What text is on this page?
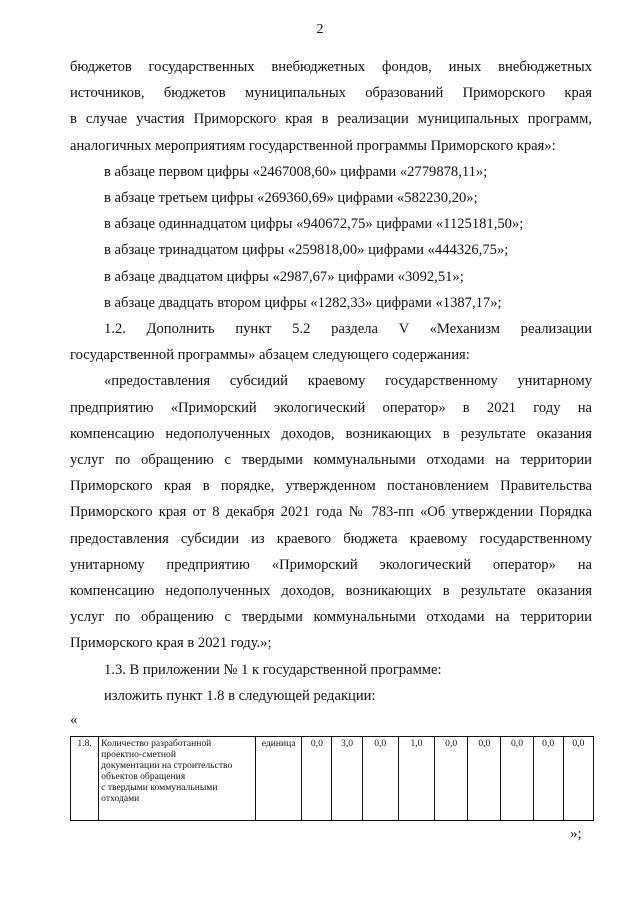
2
бюджетов государственных внебюджетных фондов, иных внебюджетных
источников, бюджетов муниципальных образований Приморского края
в случае участия Приморского края в реализации муниципальных программ,
аналогичных мероприятиям государственной программы Приморского края»:
в абзаце первом цифры «2467008,60» цифрами «2779878,11»;
в абзаце третьем цифры «269360,69» цифрами «582230,20»;
в абзаце одиннадцатом цифры «940672,75» цифрами «1125181,50»;
в абзаце тринадцатом цифры «259818,00» цифрами «444326,75»;
в абзаце двадцатом цифры «2987,67» цифрами «3092,51»;
в абзаце двадцать втором цифры «1282,33» цифрами «1387,17»;
1.2. Дополнить пункт 5.2 раздела V «Механизм реализации
государственной программы» абзацем следующего содержания:
«предоставления субсидий краевому государственному унитарному
предприятию «Приморский экологический оператор» в 2021 году на
компенсацию недополученных доходов, возникающих в результате оказания
услуг по обращению с твердыми коммунальными отходами на территории
Приморского края в порядке, утвержденном постановлением Правительства
Приморского края от 8 декабря 2021 года № 783-пп «Об утверждении Порядка
предоставления субсидии из краевого бюджета краевому государственному
унитарному предприятию «Приморский экологический оператор» на
компенсацию недополученных доходов, возникающих в результате оказания
услуг по обращению с твердыми коммунальными отходами на территории
Приморского края в 2021 году.»;
1.3. В приложении № 1 к государственной программе:
изложить пункт 1.8 в следующей редакции:
«
1.8.	Количество разработанной
проектно-сметной
документации на строительство
объектов обращения
с твердыми коммунальными
отходами	единица	0,0	3,0	0,0	1,0	0,0	0,0	0,0	0,0	0,0
»;
